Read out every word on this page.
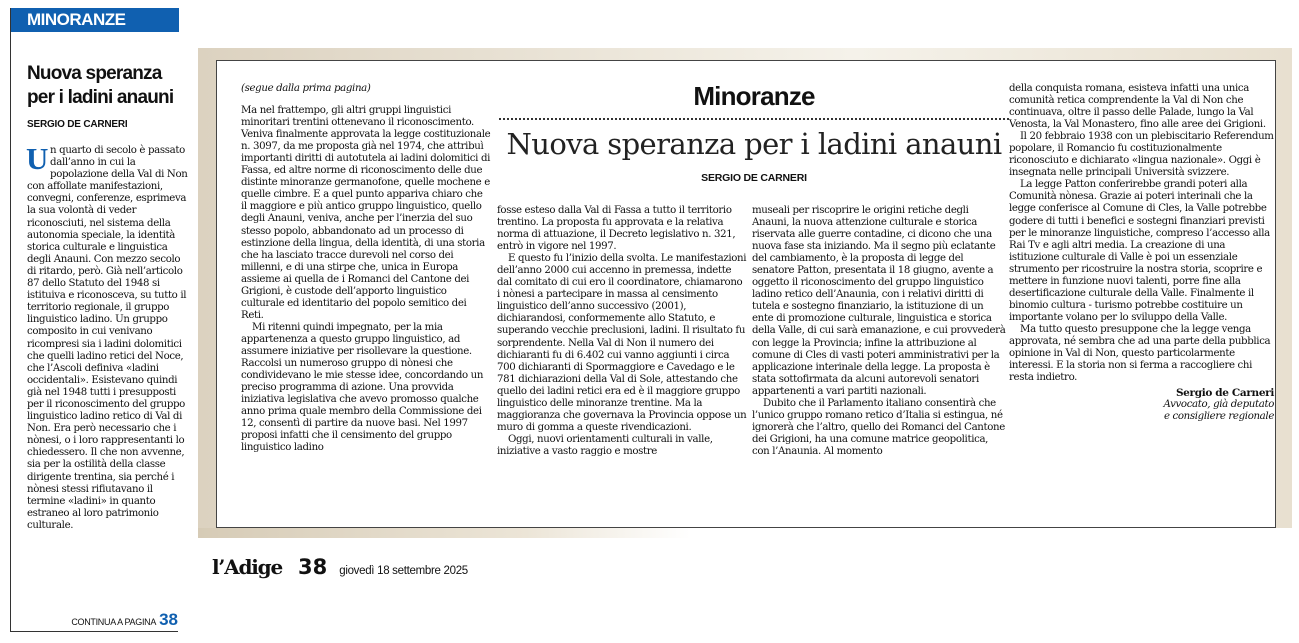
MINORANZE
Nuova speranza per i ladini anauni
SERGIO DE CARNERI
Un quarto di secolo è passato dall’anno in cui la popolazione della Val di Non con affollate manifestazioni, convegni, conferenze, esprimeva la sua volontà di veder riconosciuti, nel sistema della autonomia speciale, la identità storica culturale e linguistica degli Anauni. Con mezzo secolo di ritardo, però. Già nell’articolo 87 dello Statuto del 1948 si istituiva e riconosceva, su tutto il territorio regionale, il gruppo linguistico ladino. Un gruppo composito in cui venivano ricompresi sia i ladini dolomitici che quelli ladino retici del Noce, che l’Ascoli definiva «ladini occidentali». Esistevano quindi già nel 1948 tutti i presupposti per il riconoscimento del gruppo linguistico ladino retico di Val di Non. Era però necessario che i nònesi, o i loro rappresentanti lo chiedessero. Il che non avvenne, sia per la ostilità della classe dirigente trentina, sia perché i nònesi stessi rifiutavano il termine «ladini» in quanto estraneo al loro patrimonio culturale.
CONTINUA A PAGINA 38

(segue dalla prima pagina)

Ma nel frattempo, gli altri gruppi linguistici minoritari trentini ottenevano il riconoscimento. Veniva finalmente approvata la legge costituzionale n. 3097, da me proposta già nel 1974, che attribuì importanti diritti di autotutela ai ladini dolomitici di Fassa, ed altre norme di riconoscimento delle due distinte minoranze germanofone, quelle mochene e quelle cimbre. E a quel punto appariva chiaro che il maggiore e più antico gruppo linguistico, quello degli Anauni, veniva, anche per l’inerzia del suo stesso popolo, abbandonato ad un processo di estinzione della lingua, della identità, di una storia che ha lasciato tracce durevoli nel corso dei millenni, e di una stirpe che, unica in Europa assieme ai quella de i Romanci del Cantone dei Grigioni, è custode dell’apporto linguistico culturale ed identitario del popolo semitico dei Reti.

Mi ritenni quindi impegnato, per la mia appartenenza a questo gruppo linguistico, ad assumere iniziative per risollevare la questione. Raccolsi un numeroso gruppo di nònesi che condividevano le mie stesse idee, concordando un preciso programma di azione. Una provvida iniziativa legislativa che avevo promosso qualche anno prima quale membro della Commissione dei 12, consentì di partire da nuove basi. Nel 1997 proposi infatti che il censimento del gruppo linguistico ladino

Minoranze
Nuova speranza per i ladini anauni
SERGIO DE CARNERI

fosse esteso dalla Val di Fassa a tutto il territorio trentino. La proposta fu approvata e la relativa norma di attuazione, il Decreto legislativo n. 321, entrò in vigore nel 1997.

E questo fu l’inizio della svolta. Le manifestazioni dell’anno 2000 cui accenno in premessa, indette dal comitato di cui ero il coordinatore, chiamarono i nònesi a partecipare in massa al censimento linguistico dell’anno successivo (2001), dichiarandosi, conformemente allo Statuto, e superando vecchie preclusioni, ladini. Il risultato fu sorprendente. Nella Val di Non il numero dei dichiaranti fu di 6.402 cui vanno aggiunti i circa 700 dichiaranti di Spormaggiore e Cavedago e le 781 dichiarazioni della Val di Sole, attestando che quello dei ladini retici era ed è il maggiore gruppo linguistico delle minoranze trentine. Ma la maggioranza che governava la Provincia oppose un muro di gomma a queste rivendicazioni.

Oggi, nuovi orientamenti culturali in valle, iniziative a vasto raggio e mostre

museali per riscoprire le origini retiche degli Anauni, la nuova attenzione culturale e storica riservata alle guerre contadine, ci dicono che una nuova fase sta iniziando. Ma il segno più eclatante del cambiamento, è la proposta di legge del senatore Patton, presentata il 18 giugno, avente a oggetto il riconoscimento del gruppo linguistico ladino retico dell’Anaunia, con i relativi diritti di tutela e sostegno finanziario, la istituzione di un ente di promozione culturale, linguistica e storica della Valle, di cui sarà emanazione, e cui provvederà con legge la Provincia; infine la attribuzione al comune di Cles di vasti poteri amministrativi per la applicazione interinale della legge. La proposta è stata sottofirmata da alcuni autorevoli senatori appartenenti a vari partiti nazionali.

Dubito che il Parlamento italiano consentirà che l’unico gruppo romano retico d’Italia si estingua, né ignorerà che l’altro, quello dei Romanci del Cantone dei Grigioni, ha una comune matrice geopolitica, con l’Anaunia. Al momento

della conquista romana, esisteva infatti una unica comunità retica comprendente la Val di Non che continuava, oltre il passo delle Palade, lungo la Val Venosta, la Val Monastero, fino alle aree dei Grigioni.

Il 20 febbraio 1938 con un plebiscitario Referendum popolare, il Romancio fu costituzionalmente riconosciuto e dichiarato «lingua nazionale». Oggi è insegnata nelle principali Università svizzere.

La legge Patton conferirebbe grandi poteri alla Comunità nònesa. Grazie ai poteri interinali che la legge conferisce al Comune di Cles, la Valle potrebbe godere di tutti i benefici e sostegni finanziari previsti per le minoranze linguistiche, compreso l’accesso alla Rai Tv e agli altri media. La creazione di una istituzione culturale di Valle è poi un essenziale strumento per ricostruire la nostra storia, scoprire e mettere in funzione nuovi talenti, porre fine alla desertificazione culturale della Valle. Finalmente il binomio cultura - turismo potrebbe costituire un importante volano per lo sviluppo della Valle.

Ma tutto questo presuppone che la legge venga approvata, né sembra che ad una parte della pubblica opinione in Val di Non, questo particolarmente interessi. E la storia non si ferma a raccogliere chi resta indietro.

Sergio de Carneri
Avvocato, già deputato
e consigliere regionale
l’Adige 38 giovedì 18 settembre 2025
